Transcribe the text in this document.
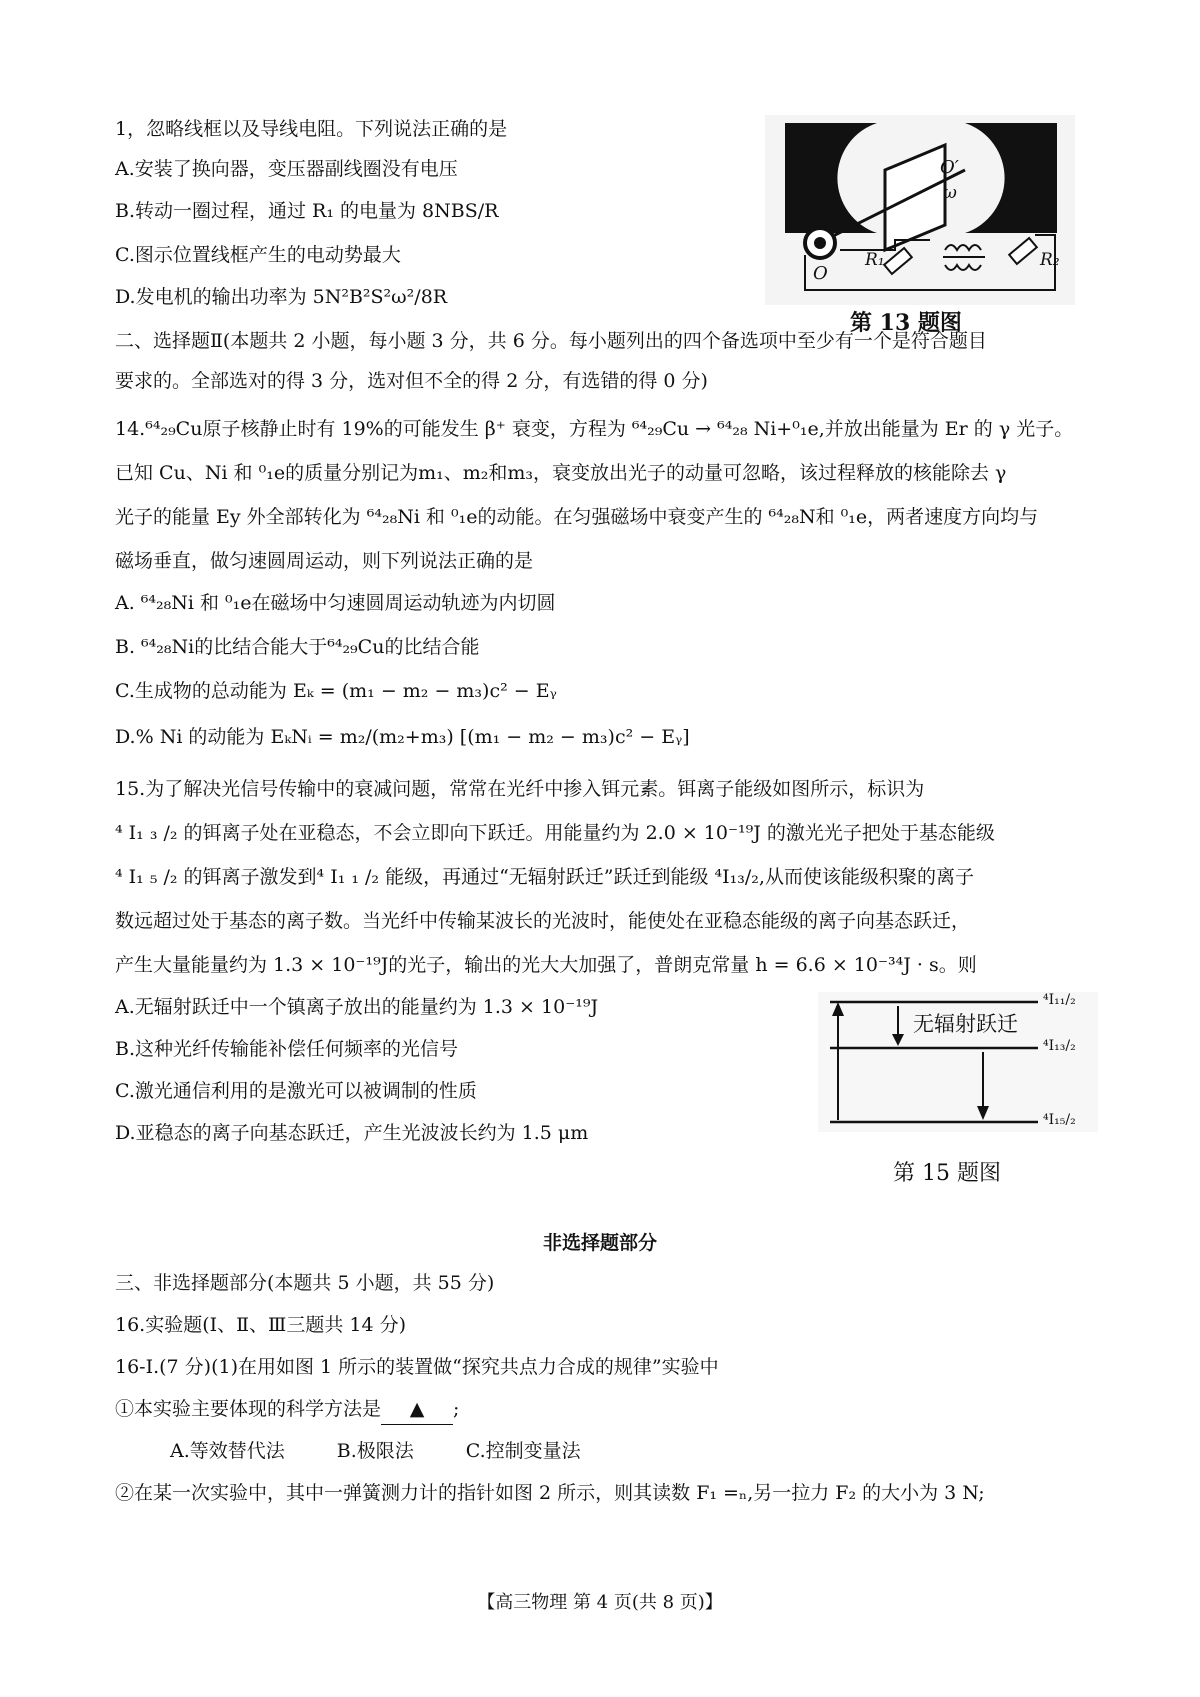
1，忽略线框以及导线电阻。下列说法正确的是
A.安装了换向器，变压器副线圈没有电压
B.转动一圈过程，通过 R₁ 的电量为 8NBS/R
C.图示位置线框产生的电动势最大
D.发电机的输出功率为 5N²B²S²ω²/8R
O′
ω
O
R₁	R₂
第 13 题图
二、选择题Ⅱ(本题共 2 小题，每小题 3 分，共 6 分。每小题列出的四个备选项中至少有一个是符合题目
要求的。全部选对的得 3 分，选对但不全的得 2 分，有选错的得 0 分)
14.⁶⁴₂₉Cu原子核静止时有 19%的可能发生 β⁺ 衰变，方程为 ⁶⁴₂₉Cu → ⁶⁴₂₈ Ni+⁰₁e,并放出能量为 Er 的 γ 光子。
已知 Cu、Ni 和 ⁰₁e的质量分别记为m₁、m₂和m₃，衰变放出光子的动量可忽略，该过程释放的核能除去 γ
光子的能量 Ey 外全部转化为 ⁶⁴₂₈Ni 和 ⁰₁e的动能。在匀强磁场中衰变产生的 ⁶⁴₂₈N和 ⁰₁e，两者速度方向均与
磁场垂直，做匀速圆周运动，则下列说法正确的是
A. ⁶⁴₂₈Ni 和 ⁰₁e在磁场中匀速圆周运动轨迹为内切圆
B. ⁶⁴₂₈Ni的比结合能大于⁶⁴₂₉Cu的比结合能
C.生成物的总动能为 Eₖ = (m₁ − m₂ − m₃)c² − Eᵧ
D.% Ni 的动能为 EₖNᵢ = m₂/(m₂+m₃) [(m₁ − m₂ − m₃)c² − Eᵧ]
15.为了解决光信号传输中的衰减问题，常常在光纤中掺入铒元素。铒离子能级如图所示，标识为
⁴ I₁ ₃ /₂ 的铒离子处在亚稳态，不会立即向下跃迁。用能量约为 2.0 × 10⁻¹⁹J 的激光光子把处于基态能级
⁴ I₁ ₅ /₂ 的铒离子激发到⁴ I₁ ₁ /₂ 能级，再通过“无辐射跃迁”跃迁到能级 ⁴I₁₃/₂,从而使该能级积聚的离子
数远超过处于基态的离子数。当光纤中传输某波长的光波时，能使处在亚稳态能级的离子向基态跃迁，
产生大量能量约为 1.3 × 10⁻¹⁹J的光子，输出的光大大加强了，普朗克常量 h = 6.6 × 10⁻³⁴J · s。则
A.无辐射跃迁中一个镇离子放出的能量约为 1.3 × 10⁻¹⁹J
B.这种光纤传输能补偿任何频率的光信号
C.激光通信利用的是激光可以被调制的性质
D.亚稳态的离子向基态跃迁，产生光波波长约为 1.5 μm
无辐射跃迁
⁴I₁₁/₂
⁴I₁₃/₂
⁴I₁₅/₂
第 15 题图
非选择题部分
三、非选择题部分(本题共 5 小题，共 55 分)
16.实验题(Ⅰ、Ⅱ、Ⅲ三题共 14 分)
16-Ⅰ.(7 分)(1)在用如图 1 所示的装置做“探究共点力合成的规律”实验中
①本实验主要体现的科学方法是 ▲ ;
A.等效替代法	B.极限法	C.控制变量法
②在某一次实验中，其中一弹簧测力计的指针如图 2 所示，则其读数 F₁ =ₙ,另一拉力 F₂ 的大小为 3 N;
【高三物理 第 4 页(共 8 页)】
